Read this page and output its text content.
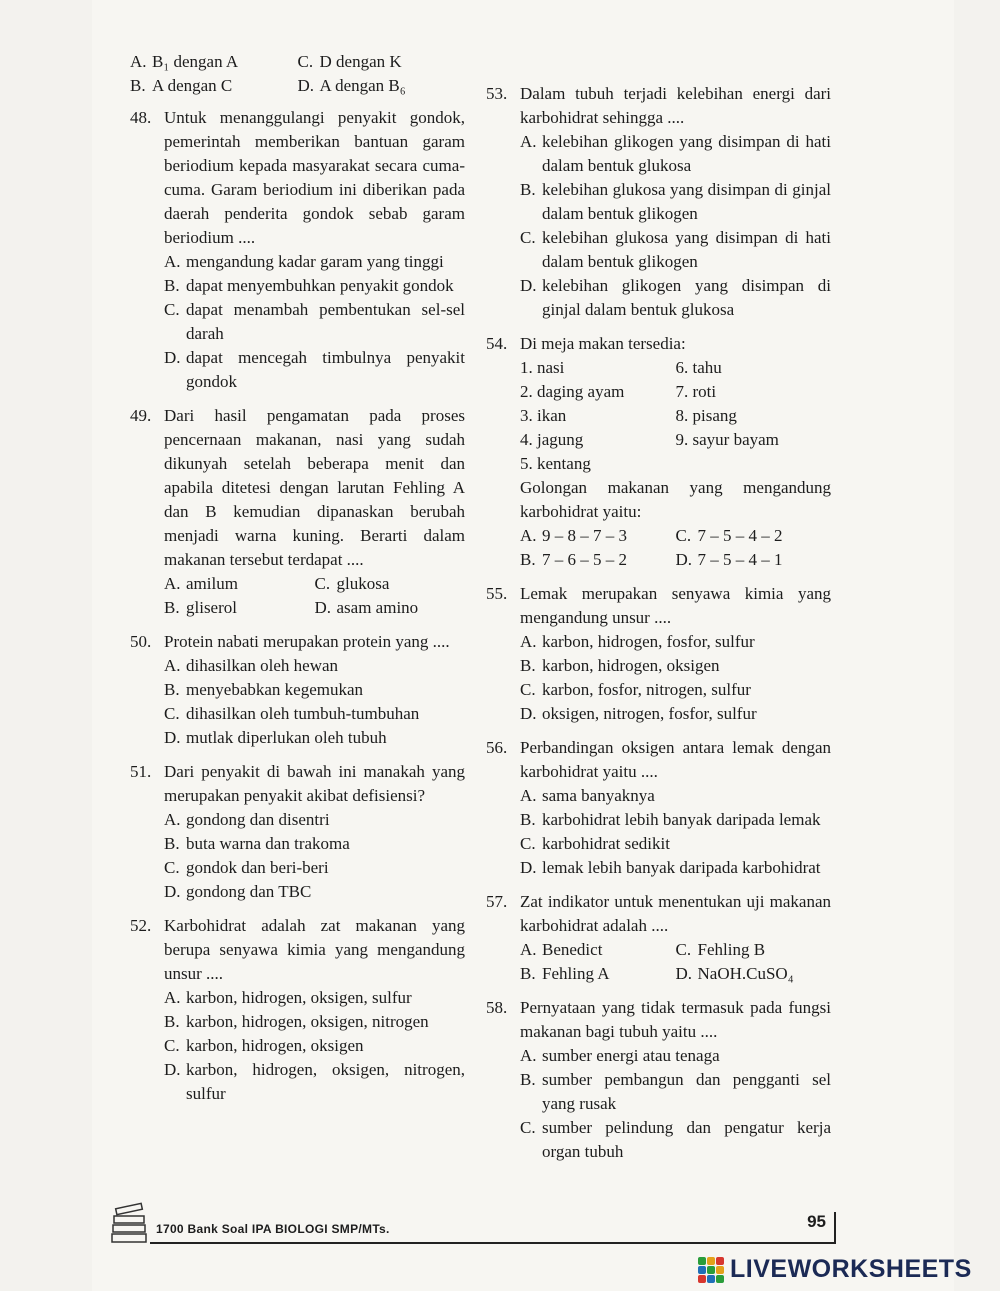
A. B₁ dengan A	C. D dengan K
B. A dengan C	D. A dengan B₆
48. Untuk menanggulangi penyakit gondok, pemerintah memberikan bantuan garam beriodium kepada masyarakat secara cuma-cuma. Garam beriodium ini diberikan pada daerah penderita gondok sebab garam beriodium ....
A. mengandung kadar garam yang tinggi
B. dapat menyembuhkan penyakit gondok
C. dapat menambah pembentukan sel-sel darah
D. dapat mencegah timbulnya penyakit gondok
49. Dari hasil pengamatan pada proses pencernaan makanan, nasi yang sudah dikunyah setelah beberapa menit dan apabila ditetesi dengan larutan Fehling A dan B kemudian dipanaskan berubah menjadi warna kuning. Berarti dalam makanan tersebut terdapat ....
A. amilum	C. glukosa
B. gliserol	D. asam amino
50. Protein nabati merupakan protein yang ....
A. dihasilkan oleh hewan
B. menyebabkan kegemukan
C. dihasilkan oleh tumbuh-tumbuhan
D. mutlak diperlukan oleh tubuh
51. Dari penyakit di bawah ini manakah yang merupakan penyakit akibat defisiensi?
A. gondong dan disentri
B. buta warna dan trakoma
C. gondok dan beri-beri
D. gondong dan TBC
52. Karbohidrat adalah zat makanan yang berupa senyawa kimia yang mengandung unsur ....
A. karbon, hidrogen, oksigen, sulfur
B. karbon, hidrogen, oksigen, nitrogen
C. karbon, hidrogen, oksigen
D. karbon, hidrogen, oksigen, nitrogen, sulfur
53. Dalam tubuh terjadi kelebihan energi dari karbohidrat sehingga ....
A. kelebihan glikogen yang disimpan di hati dalam bentuk glukosa
B. kelebihan glukosa yang disimpan di ginjal dalam bentuk glikogen
C. kelebihan glukosa yang disimpan di hati dalam bentuk glikogen
D. kelebihan glikogen yang disimpan di ginjal dalam bentuk glukosa
54. Di meja makan tersedia:
1. nasi	6. tahu
2. daging ayam	7. roti
3. ikan	8. pisang
4. jagung	9. sayur bayam
5. kentang
Golongan makanan yang mengandung karbohidrat yaitu:
A. 9 – 8 – 7 – 3	C. 7 – 5 – 4 – 2
B. 7 – 6 – 5 – 2	D. 7 – 5 – 4 – 1
55. Lemak merupakan senyawa kimia yang mengandung unsur ....
A. karbon, hidrogen, fosfor, sulfur
B. karbon, hidrogen, oksigen
C. karbon, fosfor, nitrogen, sulfur
D. oksigen, nitrogen, fosfor, sulfur
56. Perbandingan oksigen antara lemak dengan karbohidrat yaitu ....
A. sama banyaknya
B. karbohidrat lebih banyak daripada lemak
C. karbohidrat sedikit
D. lemak lebih banyak daripada karbohidrat
57. Zat indikator untuk menentukan uji makanan karbohidrat adalah ....
A. Benedict	C. Fehling B
B. Fehling A	D. NaOH.CuSO₄
58. Pernyataan yang tidak termasuk pada fungsi makanan bagi tubuh yaitu ....
A. sumber energi atau tenaga
B. sumber pembangun dan pengganti sel yang rusak
C. sumber pelindung dan pengatur kerja organ tubuh
1700 Bank Soal IPA BIOLOGI SMP/MTs.	95
LIVEWORKSHEETS
